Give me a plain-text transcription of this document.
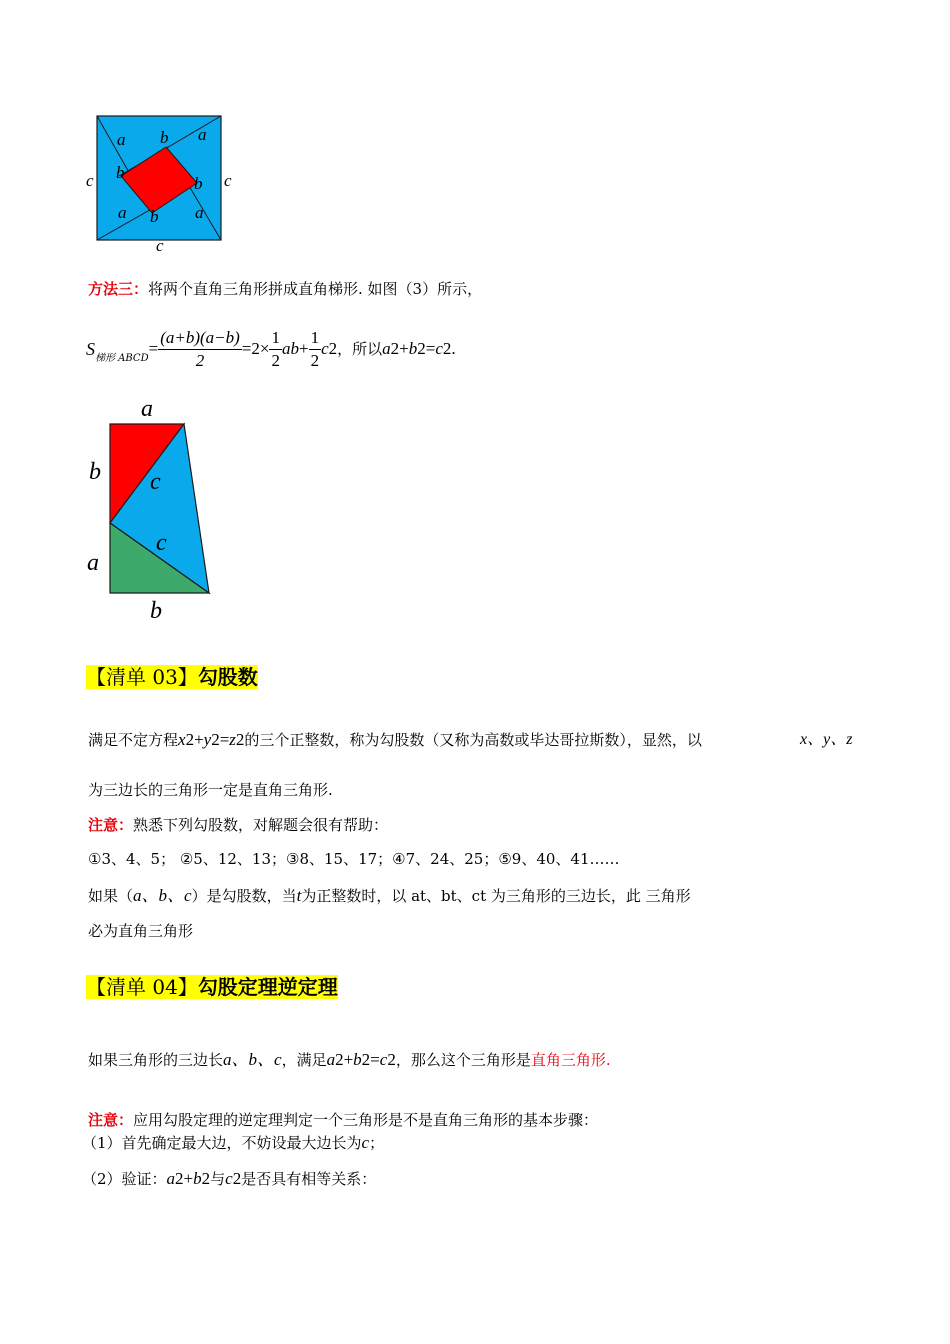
a b a
c b
b c
a b a
c
方法三：将两个直角三角形拼成直角梯形. 如图（3）所示，
S 梯形 ABCD = $\frac{(a+b)(a-b)}{2} =2\times \frac{1}{2}$ ab + $\frac{1}{2}$ c 2 ，所以 a 2 + b 2 = c 2 .
a
b c
c
a
b
【清单 03】勾股数
满足不定方程 x 2 + y 2 = z 2 的三个正整数，称为勾股数（又称为高数或毕达哥拉斯数），显然，以	x、y、z
为三边长的三角形一定是直角三角形.
注意：熟悉下列勾股数，对解题会很有帮助：
①3、4、5； ②5、12、13；③8、15、17；④7、24、25；⑤9、40、41……
如果（ a、b、c ）是勾股数，当 t 为正整数时，以 at、bt、ct 为三角形的三边长，此 三角形
必为直角三角形
【清单 04】勾股定理逆定理
如果三角形的三边长 a、b、c ，满足 a 2 + b 2 = c 2 ，那么这个三角形是 直角三角形.
注意：应用勾股定理的逆定理判定一个三角形是不是直角三角形的基本步骤：
（1）首先确定最大边，不妨设最大边长为 c ；
（2）验证： a 2 + b 2 与 c 2 是否具有相等关系：
